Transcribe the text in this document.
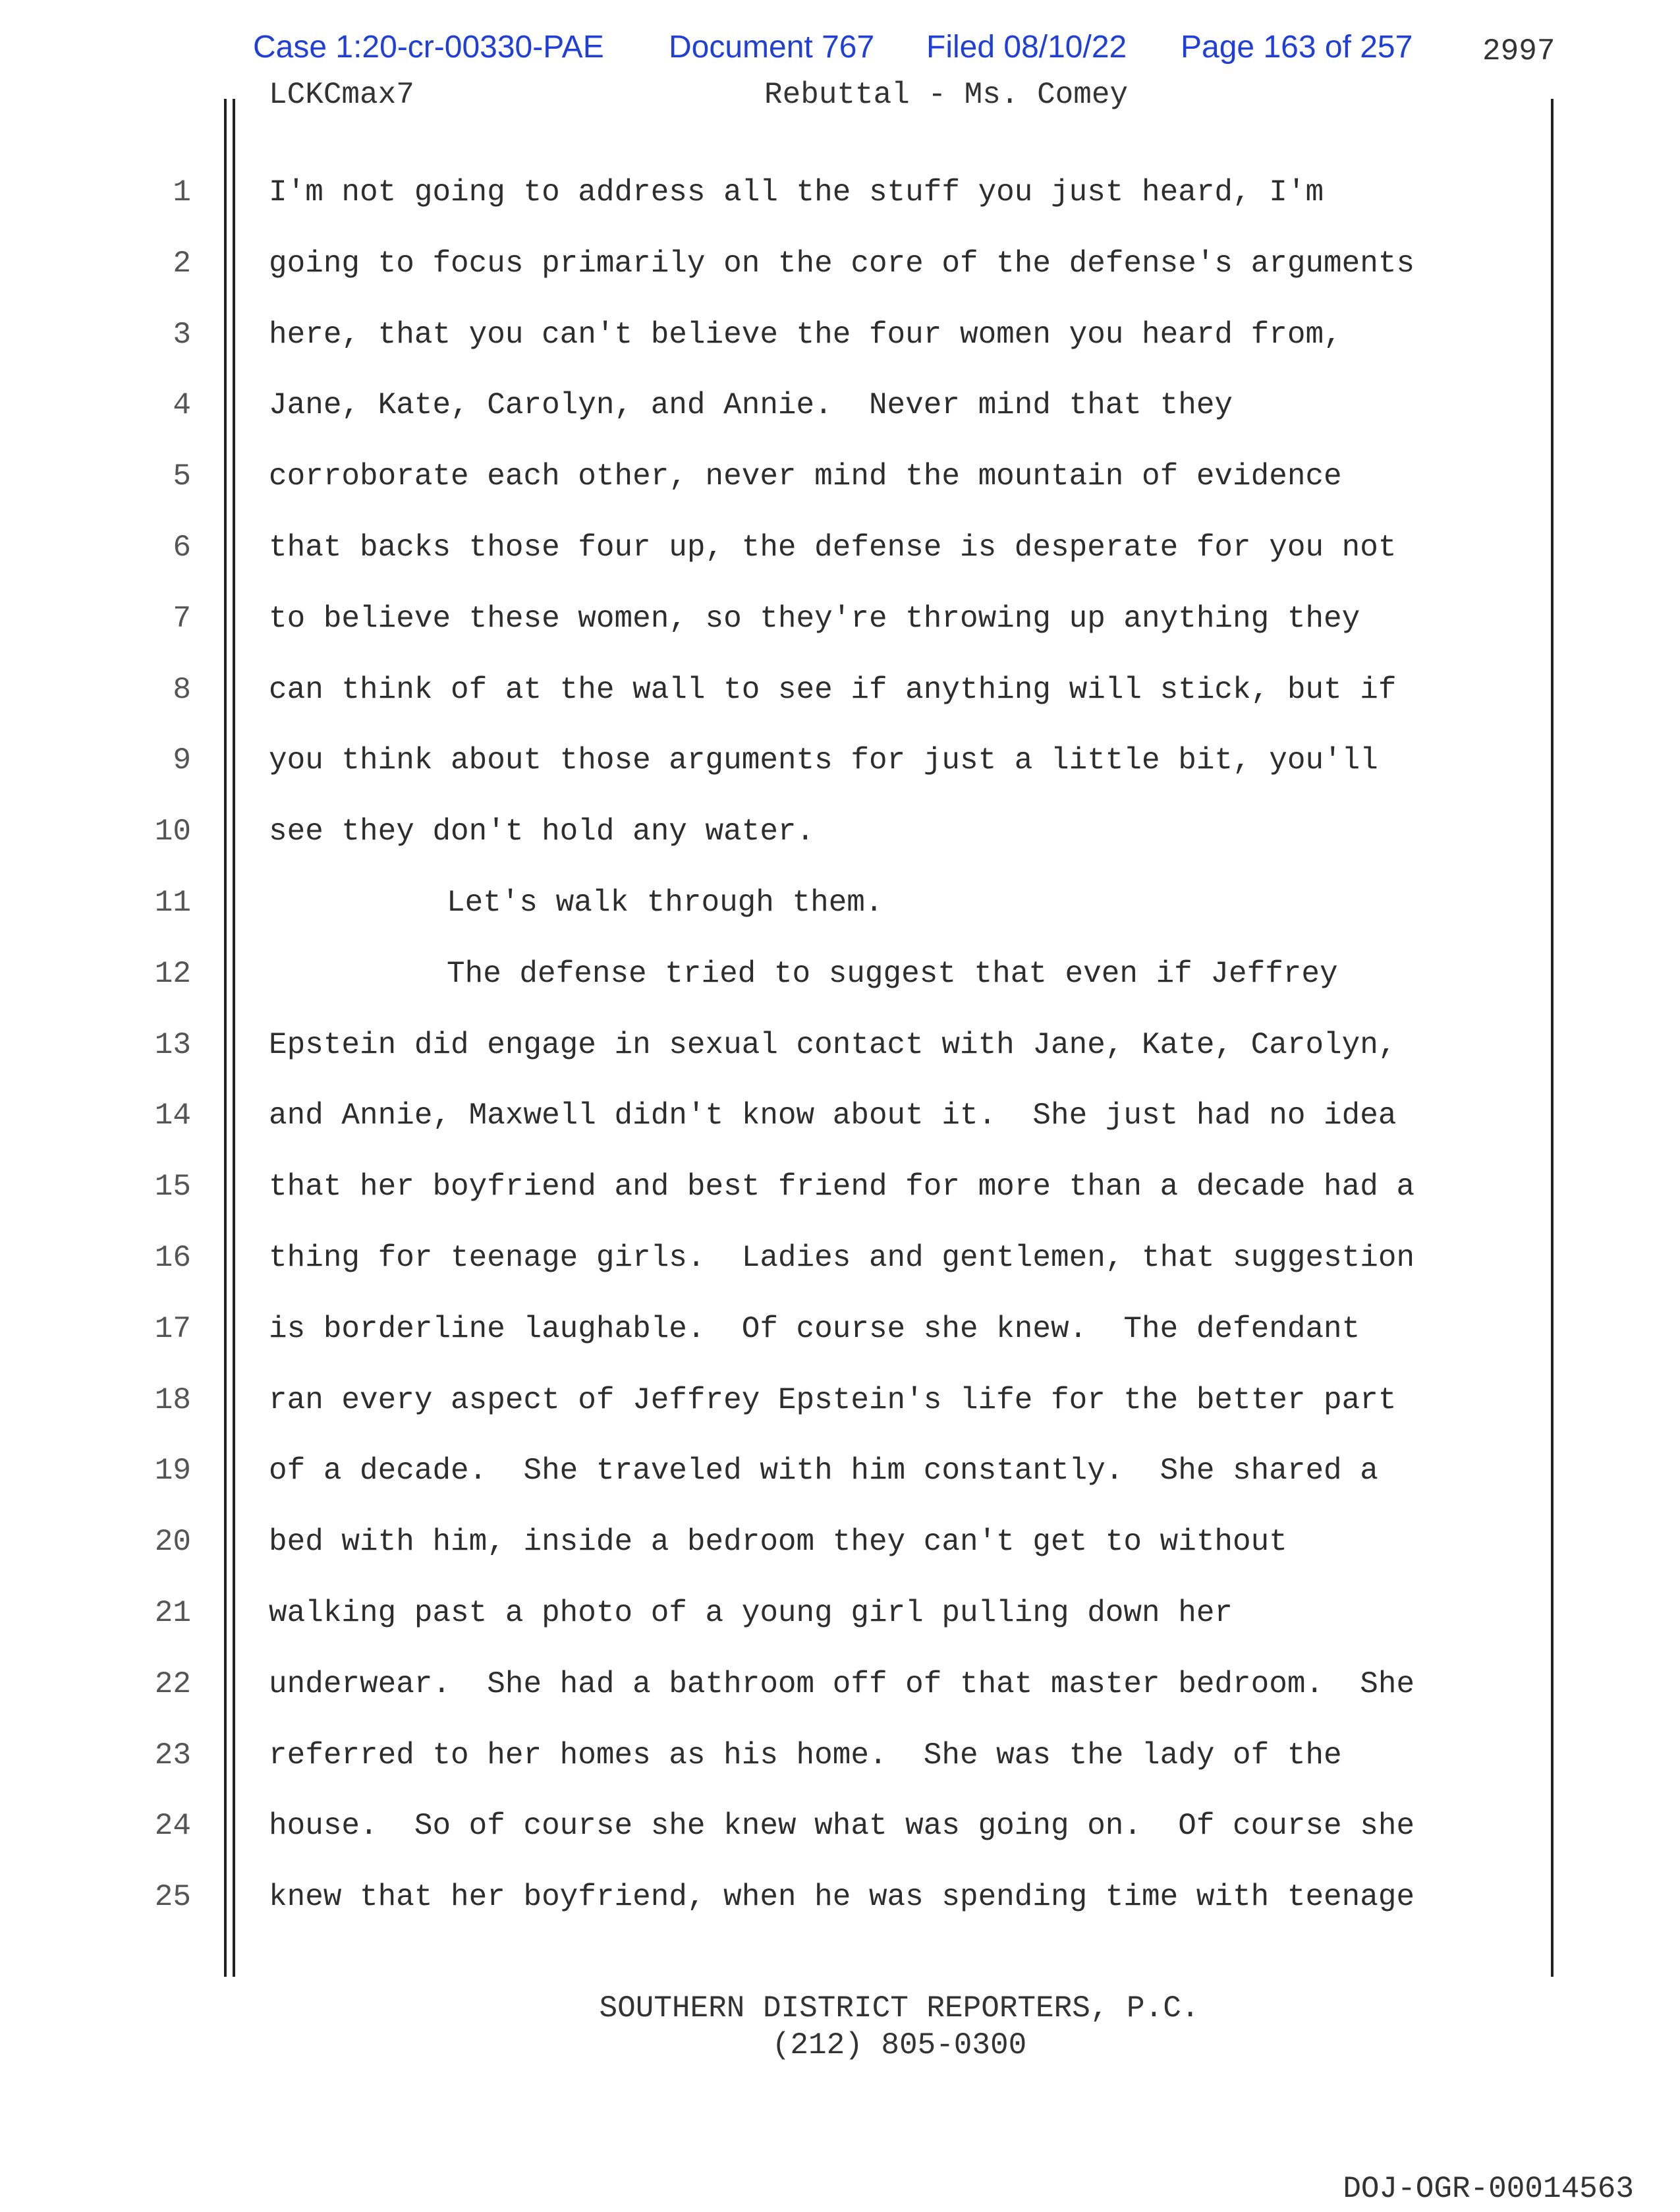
Case 1:20-cr-00330-PAE Document 767 Filed 08/10/22 Page 163 of 257 2997
LCKCmax7	Rebuttal - Ms. Comey
1	I'm not going to address all the stuff you just heard, I'm
2	going to focus primarily on the core of the defense's arguments
3	here, that you can't believe the four women you heard from,
4	Jane, Kate, Carolyn, and Annie.  Never mind that they
5	corroborate each other, never mind the mountain of evidence
6	that backs those four up, the defense is desperate for you not
7	to believe these women, so they're throwing up anything they
8	can think of at the wall to see if anything will stick, but if
9	you think about those arguments for just a little bit, you'll
10	see they don't hold any water.
11	Let's walk through them.
12	The defense tried to suggest that even if Jeffrey
13	Epstein did engage in sexual contact with Jane, Kate, Carolyn,
14	and Annie, Maxwell didn't know about it.  She just had no idea
15	that her boyfriend and best friend for more than a decade had a
16	thing for teenage girls.  Ladies and gentlemen, that suggestion
17	is borderline laughable.  Of course she knew.  The defendant
18	ran every aspect of Jeffrey Epstein's life for the better part
19	of a decade.  She traveled with him constantly.  She shared a
20	bed with him, inside a bedroom they can't get to without
21	walking past a photo of a young girl pulling down her
22	underwear.  She had a bathroom off of that master bedroom.  She
23	referred to her homes as his home.  She was the lady of the
24	house.  So of course she knew what was going on.  Of course she
25	knew that her boyfriend, when he was spending time with teenage
SOUTHERN DISTRICT REPORTERS, P.C.
(212) 805-0300
DOJ-OGR-00014563
